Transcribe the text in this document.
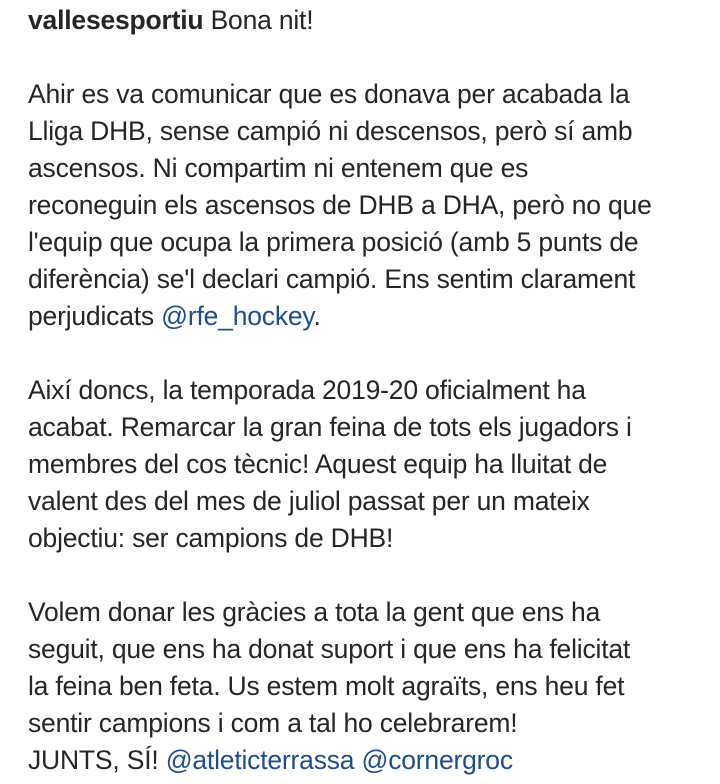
vallesesportiu Bona nit!
Ahir es va comunicar que es donava per acabada la
Lliga DHB, sense campió ni descensos, però sí amb
ascensos. Ni compartim ni entenem que es
reconeguin els ascensos de DHB a DHA, però no que
l'equip que ocupa la primera posició (amb 5 punts de
diferència) se'l declari campió. Ens sentim clarament
perjudicats @rfe_hockey.
Així doncs, la temporada 2019-20 oficialment ha
acabat. Remarcar la gran feina de tots els jugadors i
membres del cos tècnic! Aquest equip ha lluitat de
valent des del mes de juliol passat per un mateix
objectiu: ser campions de DHB!
Volem donar les gràcies a tota la gent que ens ha
seguit, que ens ha donat suport i que ens ha felicitat
la feina ben feta. Us estem molt agraïts, ens heu fet
sentir campions i com a tal ho celebrarem!
JUNTS, SÍ! @atleticterrassa @cornergroc
